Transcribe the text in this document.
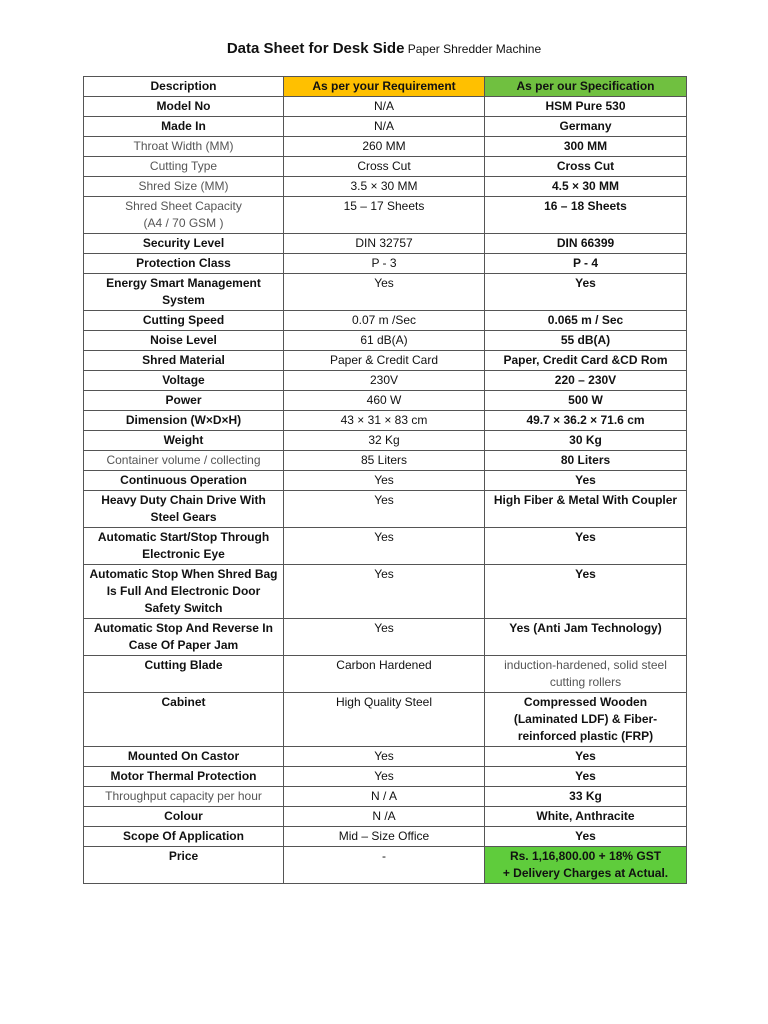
Data Sheet for Desk Side Paper Shredder Machine
Description	As per your Requirement	As per our Specification
Model No	N/A	HSM Pure 530
Made In	N/A	Germany
Throat Width (MM)	260 MM	300 MM
Cutting Type	Cross Cut	Cross Cut
Shred Size (MM)	3.5 × 30 MM	4.5 × 30 MM
Shred Sheet Capacity
(A4 / 70 GSM )	15 – 17 Sheets	16 – 18 Sheets
Security Level	DIN 32757	DIN 66399
Protection Class	P - 3	P - 4
Energy Smart Management
System	Yes	Yes
Cutting Speed	0.07 m /Sec	0.065 m / Sec
Noise Level	61 dB(A)	55 dB(A)
Shred Material	Paper & Credit Card	Paper, Credit Card &CD Rom
Voltage	230V	220 – 230V
Power	460 W	500 W
Dimension (W×D×H)	43 × 31 × 83 cm	49.7 × 36.2 × 71.6 cm
Weight	32 Kg	30 Kg
Container volume / collecting	85 Liters	80 Liters
Continuous Operation	Yes	Yes
Heavy Duty Chain Drive With
Steel Gears	Yes	High Fiber & Metal With Coupler
Automatic Start/Stop Through
Electronic Eye	Yes	Yes
Automatic Stop When Shred Bag
Is Full And Electronic Door
Safety Switch	Yes	Yes
Automatic Stop And Reverse In
Case Of Paper Jam	Yes	Yes (Anti Jam Technology)
Cutting Blade	Carbon Hardened	induction-hardened, solid steel
cutting rollers
Cabinet	High Quality Steel	Compressed Wooden
(Laminated LDF) & Fiber-
reinforced plastic (FRP)
Mounted On Castor	Yes	Yes
Motor Thermal Protection	Yes	Yes
Throughput capacity per hour	N / A	33 Kg
Colour	N /A	White, Anthracite
Scope Of Application	Mid – Size Office	Yes
Price	-	Rs. 1,16,800.00 + 18% GST
+ Delivery Charges at Actual.
